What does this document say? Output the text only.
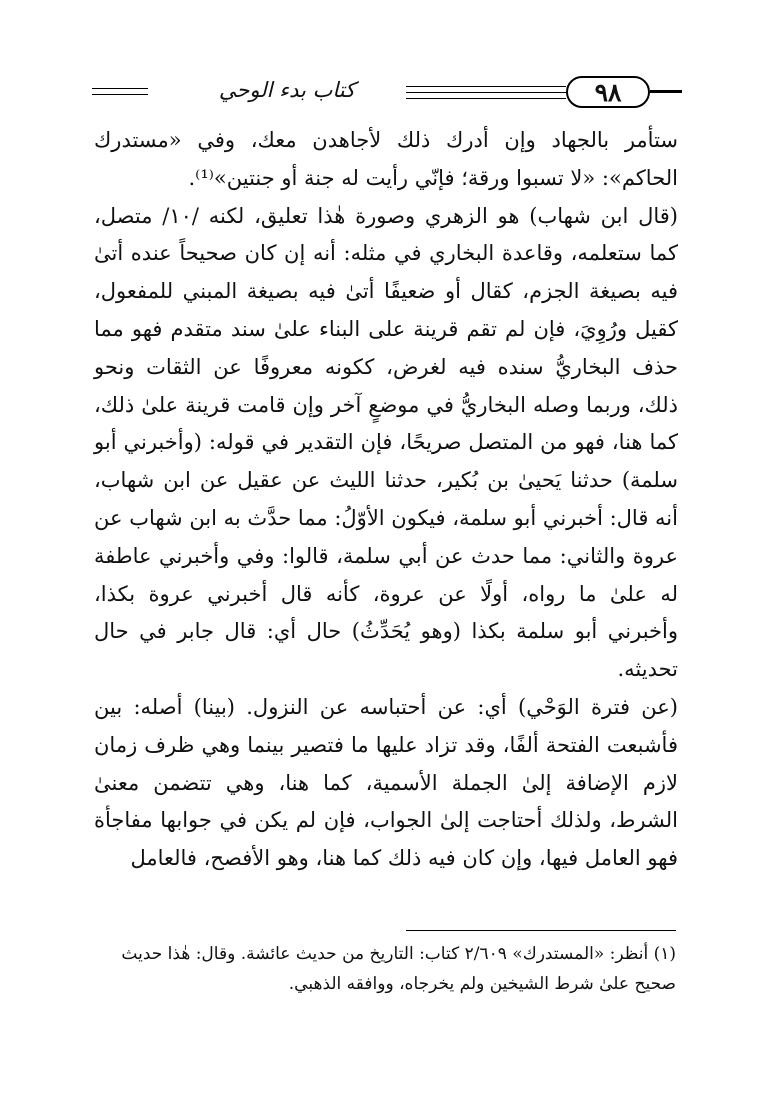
كتاب بدء الوحي	٩٨

ستأمر بالجهاد وإن أدرك ذلك لأجاهدن معك، وفي «مستدرك الحاكم»: «لا تسبوا ورقة؛ فإنّي رأيت له جنة أو جنتين»⁽¹⁾.

(قال ابن شهاب) هو الزهري وصورة هٰذا تعليق، لكنه /١٠/ متصل، كما ستعلمه، وقاعدة البخاري في مثله: أنه إن كان صحيحاً عنده أتىٰ فيه بصيغة الجزم، كقال أو ضعيفًا أتىٰ فيه بصيغة المبني للمفعول، كقيل ورُوِيَ، فإن لم تقم قرينة على البناء علىٰ سند متقدم فهو مما حذف البخاريُّ سنده فيه لغرض، ككونه معروفًا عن الثقات ونحو ذلك، وربما وصله البخاريُّ في موضعٍ آخر وإن قامت قرينة علىٰ ذلك، كما هنا، فهو من المتصل صريحًا، فإن التقدير في قوله: (وأخبرني أبو سلمة) حدثنا يَحيىٰ بن بُكير، حدثنا الليث عن عقيل عن ابن شهاب، أنه قال: أخبرني أبو سلمة، فيكون الأوّلُ: مما حدَّث به ابن شهاب عن عروة والثاني: مما حدث عن أبي سلمة، قالوا: وفي وأخبرني عاطفة له علىٰ ما رواه، أولًا عن عروة، كأنه قال أخبرني عروة بكذا، وأخبرني أبو سلمة بكذا (وهو يُحَدِّثُ) حال أي: قال جابر في حال تحديثه.

(عن فترة الوَحْي) أي: عن أحتباسه عن النزول. (بينا) أصله: بين فأشبعت الفتحة ألفًا، وقد تزاد عليها ما فتصير بينما وهي ظرف زمان لازم الإضافة إلىٰ الجملة الأسمية، كما هنا، وهي تتضمن معنىٰ الشرط، ولذلك أحتاجت إلىٰ الجواب، فإن لم يكن في جوابها مفاجأة فهو العامل فيها، وإن كان فيه ذلك كما هنا، وهو الأفصح، فالعامل

(١) أنظر: «المستدرك» ٢/٦٠٩ كتاب: التاريخ من حديث عائشة. وقال: هٰذا حديث صحيح علىٰ شرط الشيخين ولم يخرجاه، ووافقه الذهبي.
